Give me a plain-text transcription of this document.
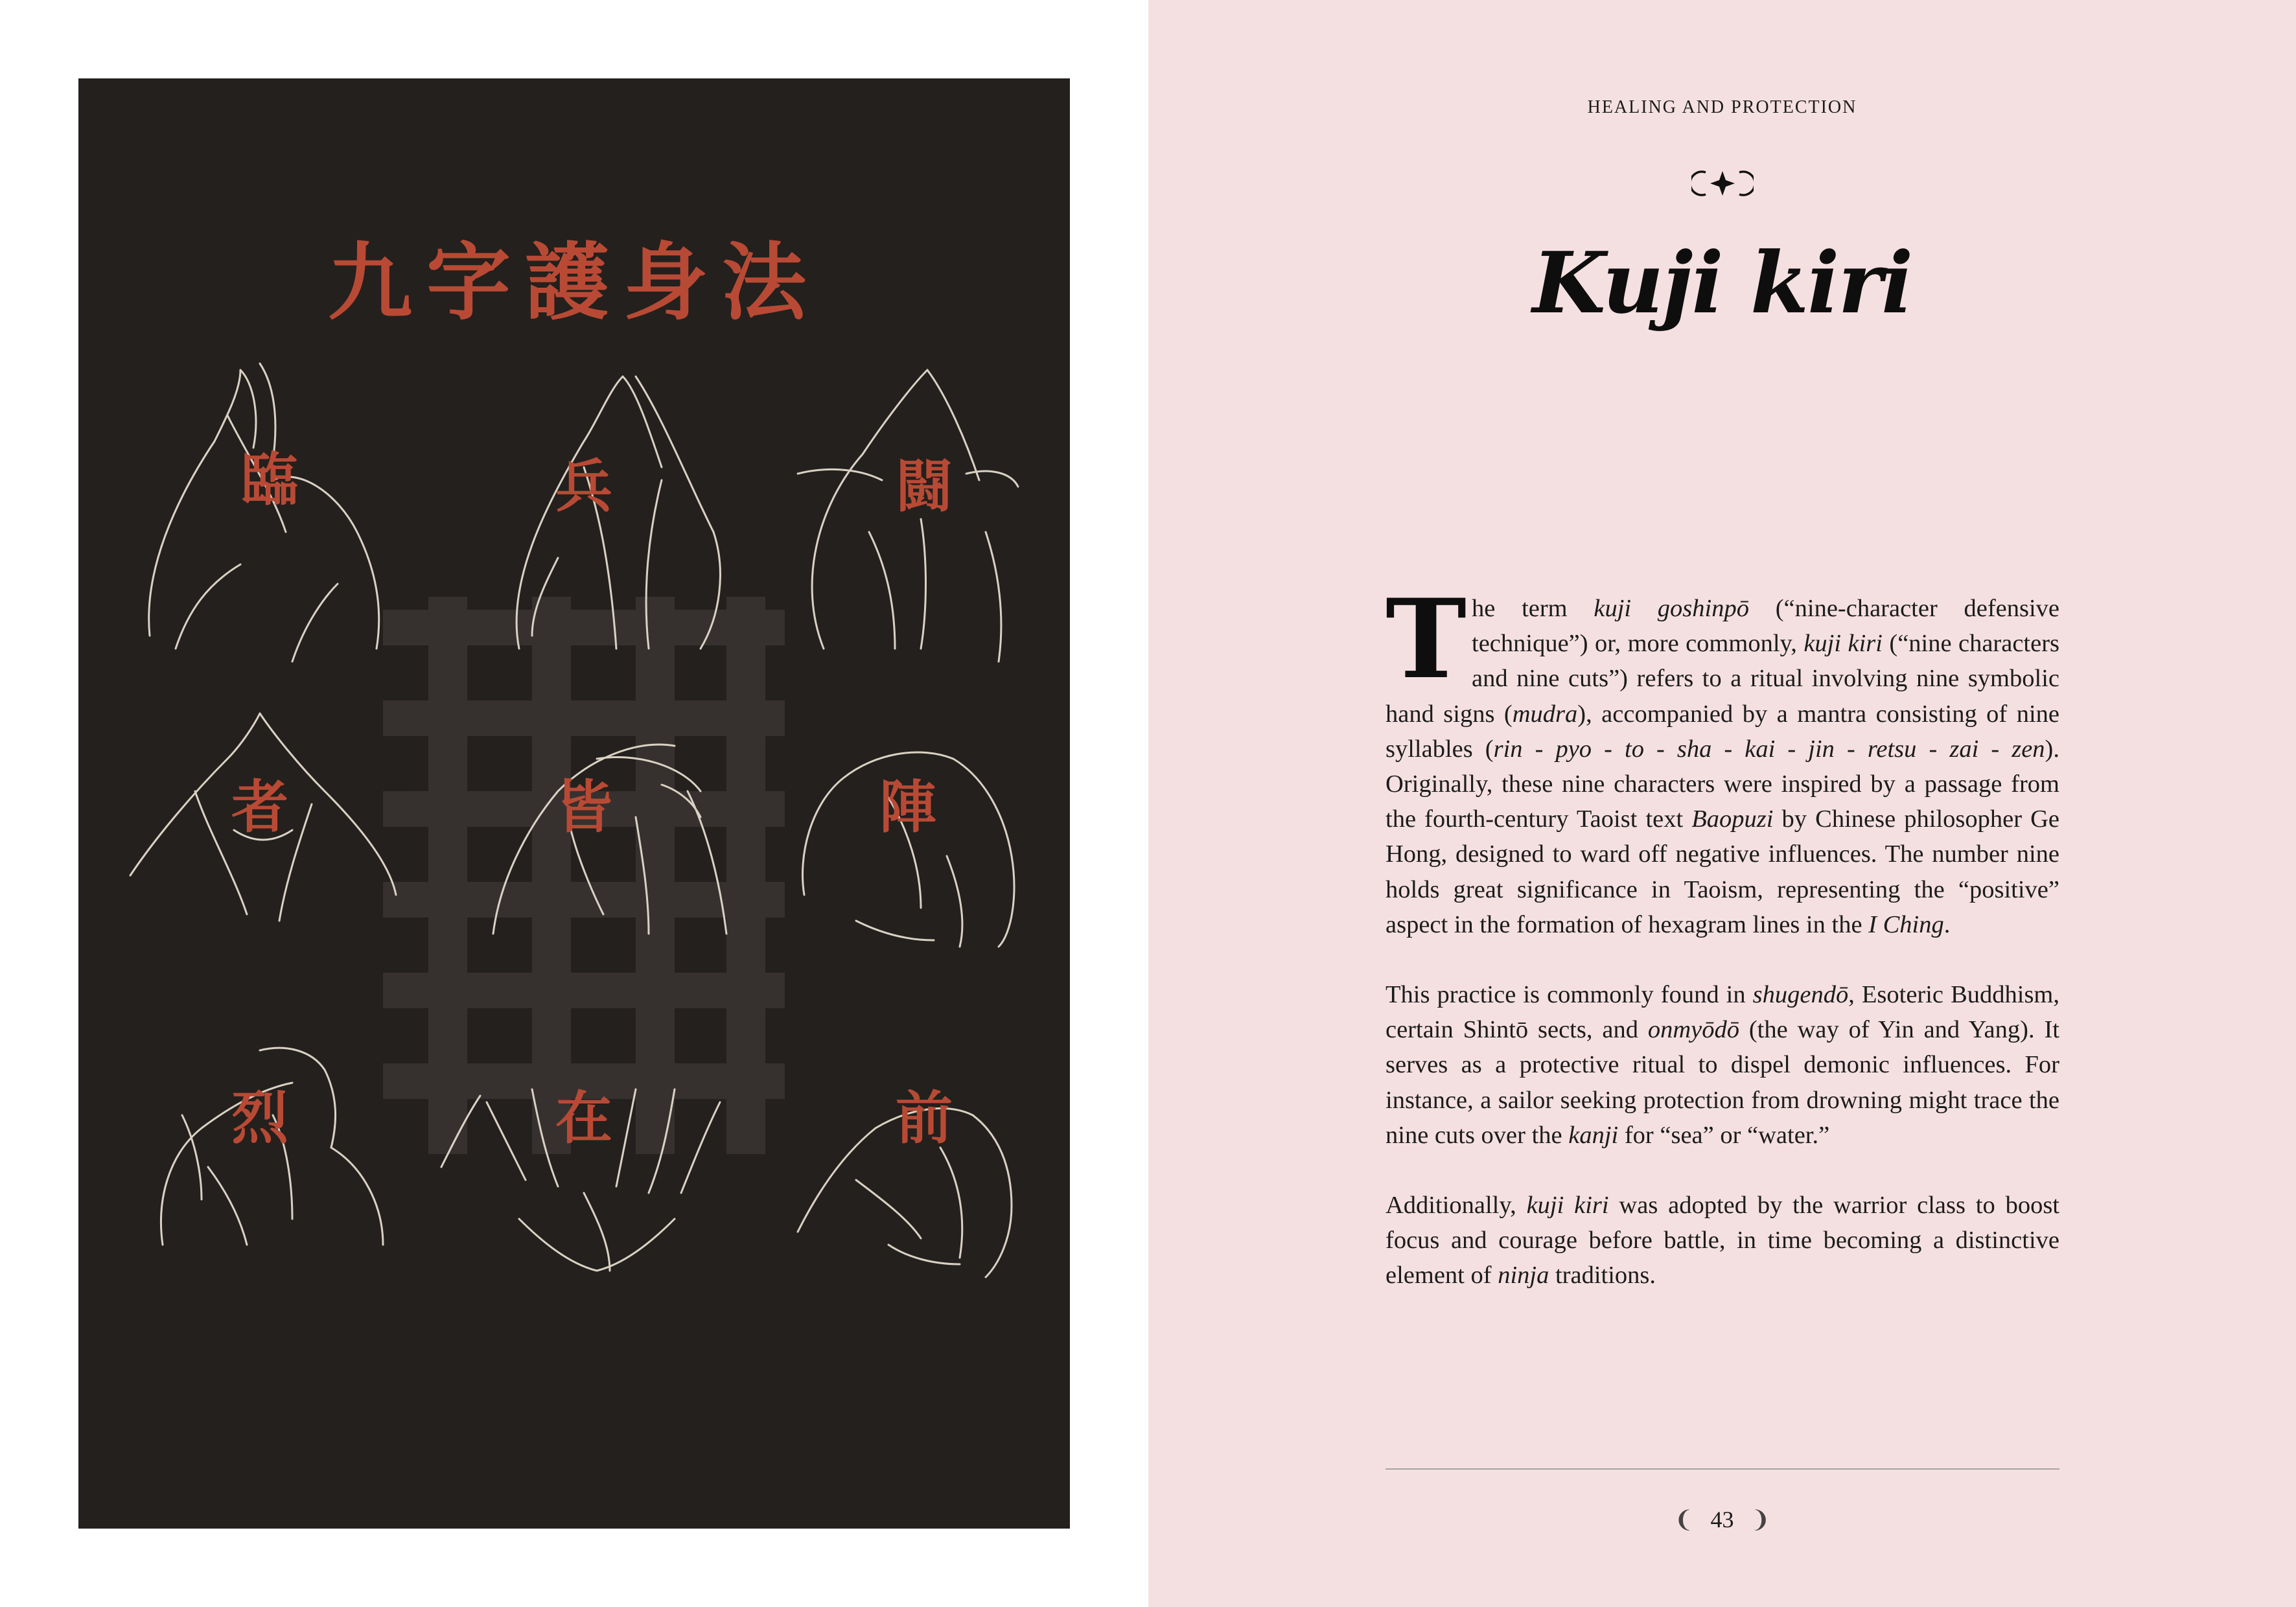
九字護身法
臨	兵	闘
者	皆	陣
烈	在	前
HEALING AND PROTECTION
Kuji kiri

The term kuji goshinpō (“nine-character defensive technique”) or, more commonly, kuji kiri (“nine characters and nine cuts”) refers to a ritual involving nine symbolic hand signs (mudra), accompanied by a mantra consisting of nine syllables (rin - pyo - to - sha - kai - jin - retsu - zai - zen). Originally, these nine characters were inspired by a passage from the fourth-century Taoist text Baopuzi by Chinese philosopher Ge Hong, designed to ward off negative influences. The number nine holds great significance in Taoism, representing the “positive” aspect in the formation of hexagram lines in the I Ching.

This practice is commonly found in shugendō, Esoteric Buddhism, certain Shintō sects, and onmyōdō (the way of Yin and Yang). It serves as a protective ritual to dispel demonic influences. For instance, a sailor seeking protection from drowning might trace the nine cuts over the kanji for “sea” or “water.”

Additionally, kuji kiri was adopted by the warrior class to boost focus and courage before battle, in time becoming a distinctive element of ninja traditions.

❨ 43 ❩
